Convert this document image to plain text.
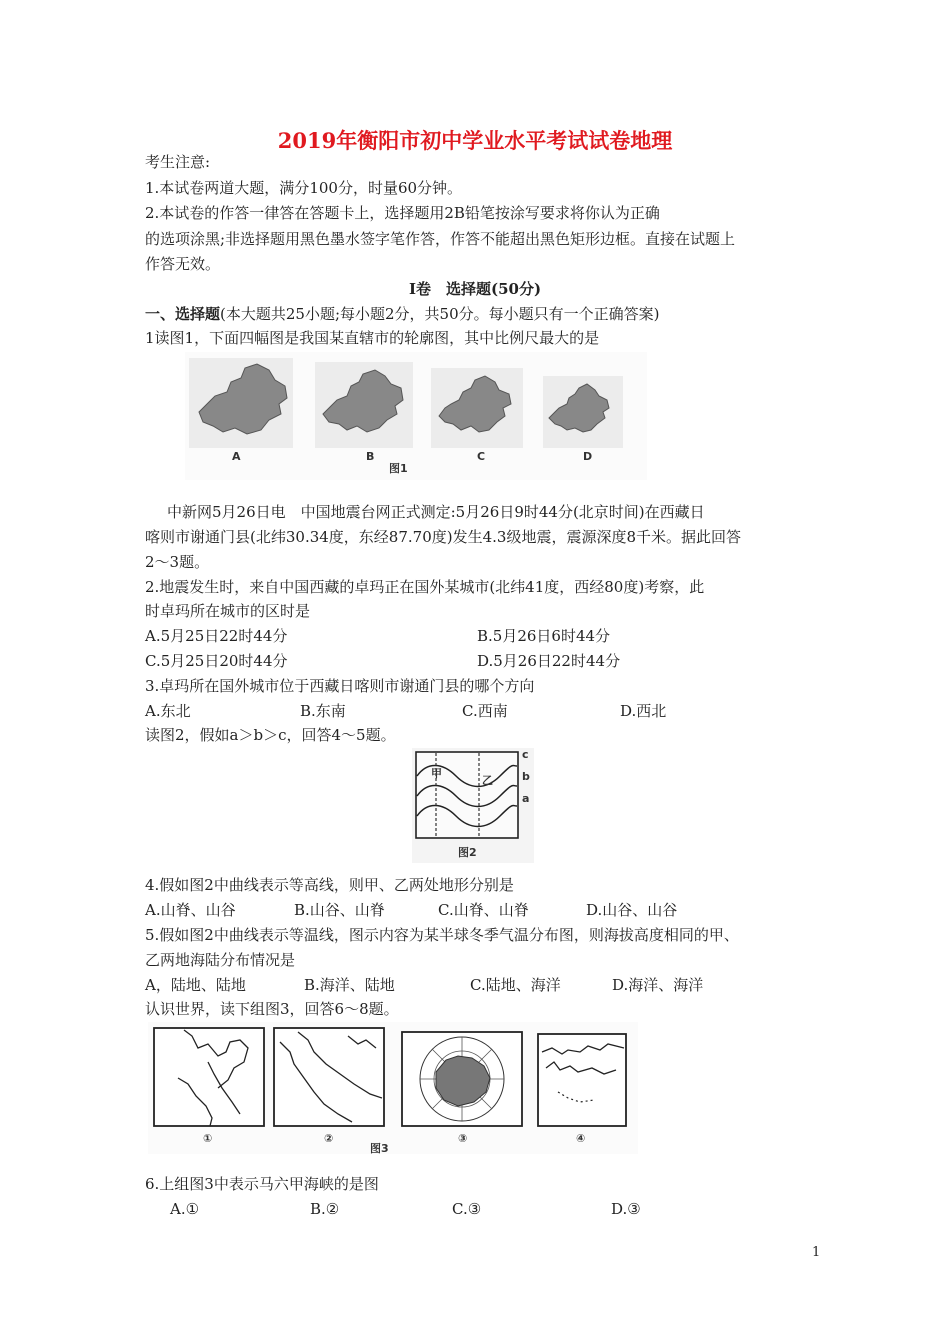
2019年衡阳市初中学业水平考试试卷地理
考生注意:
1.本试卷两道大题，满分100分，时量60分钟。
2.本试卷的作答一律答在答题卡上，选择题用2B铅笔按涂写要求将你认为正确
的选项涂黑;非选择题用黑色墨水签字笔作答，作答不能超出黑色矩形边框。直接在试题上
作答无效。
I卷　选择题(50分)
一、选择题(本大题共25小题;每小题2分，共50分。每小题只有一个正确答案)
1读图1，下面四幅图是我国某直辖市的轮廓图，其中比例尺最大的是
A	B	C	D
图1
中新网5月26日电　中国地震台网正式测定:5月26日9时44分(北京时间)在西藏日
喀则市谢通门县(北纬30.34度，东经87.70度)发生4.3级地震，震源深度8千米。据此回答
2～3题。
2.地震发生时，来自中国西藏的卓玛正在国外某城市(北纬41度，西经80度)考察，此
时卓玛所在城市的区时是
A.5月25日22时44分	B.5月26日6时44分
C.5月25日20时44分	D.5月26日22时44分
3.卓玛所在国外城市位于西藏日喀则市谢通门县的哪个方向
A.东北	B.东南	C.西南	D.西北
读图2，假如a＞b＞c，回答4～5题。
甲
乙
c
b
a
图2
4.假如图2中曲线表示等高线，则甲、乙两处地形分别是
A.山脊、山谷	B.山谷、山脊	C.山脊、山脊	D.山谷、山谷
5.假如图2中曲线表示等温线，图示内容为某半球冬季气温分布图，则海拔高度相同的甲、
乙两地海陆分布情况是
A，陆地、陆地	B.海洋、陆地	C.陆地、海洋	D.海洋、海洋
认识世界，读下组图3，回答6～8题。
①	②	③	④
图3
6.上组图3中表示马六甲海峡的是图
A.①	B.②	C.③	D.③
1
